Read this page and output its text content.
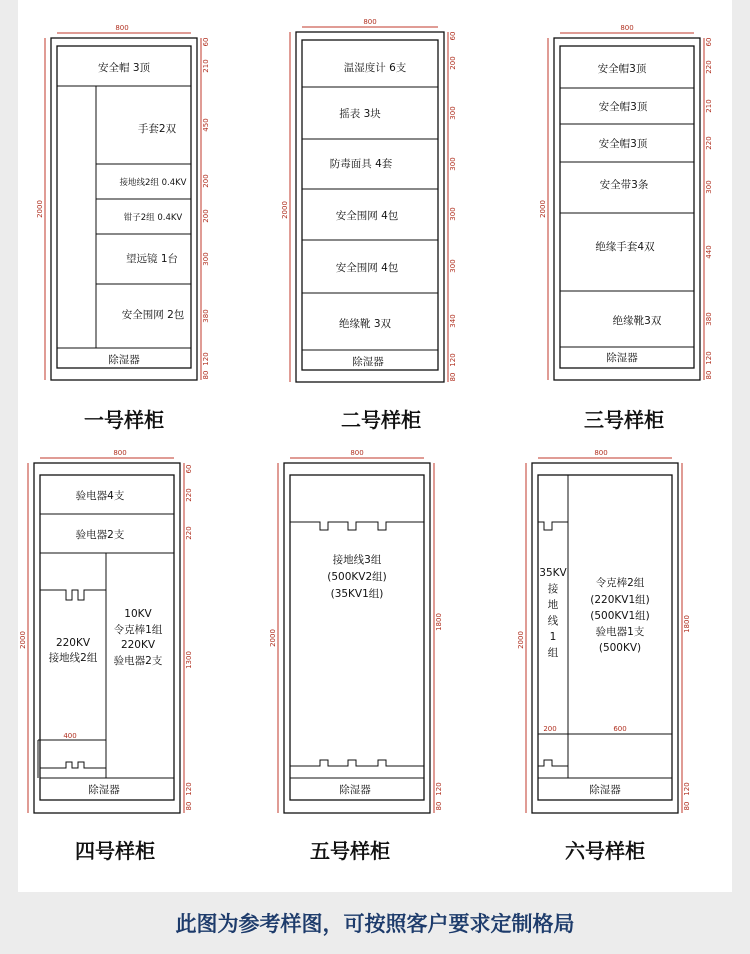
800
安全帽 3顶
手套2双
接地线2组 0.4KV
钳子2组 0.4KV
望远镜 1台
安全围网 2包
除湿器
2000
60
210
450
200
200
300
380
120
80
一号样柜
800
温湿度计 6支
摇表 3块
防毒面具 4套
安全围网 4包
安全围网 4包
绝缘靴 3双
除湿器
2000
60
200
300
300
300
300
340
120
80
二号样柜
800
安全帽3顶
安全帽3顶
安全帽3顶
安全带3条
绝缘手套4双
绝缘靴3双
除湿器
2000
60
220
210
220
300
440
380
120
80
三号样柜
800
400
验电器4支
验电器2支
220KV
接地线2组
10KV
令克棒1组
220KV
验电器2支
除湿器
2000
60
220
220
1300
120
80
四号样柜
800
接地线3组
(500KV2组)
(35KV1组)
除湿器
2000
1800
120
80
五号样柜
800
200	600
35KV
接
地
线
1
组
令克棒2组
(220KV1组)
(500KV1组)
验电器1支
(500KV)
除湿器
2000
1800
120
80
六号样柜
此图为参考样图，可按照客户要求定制格局
